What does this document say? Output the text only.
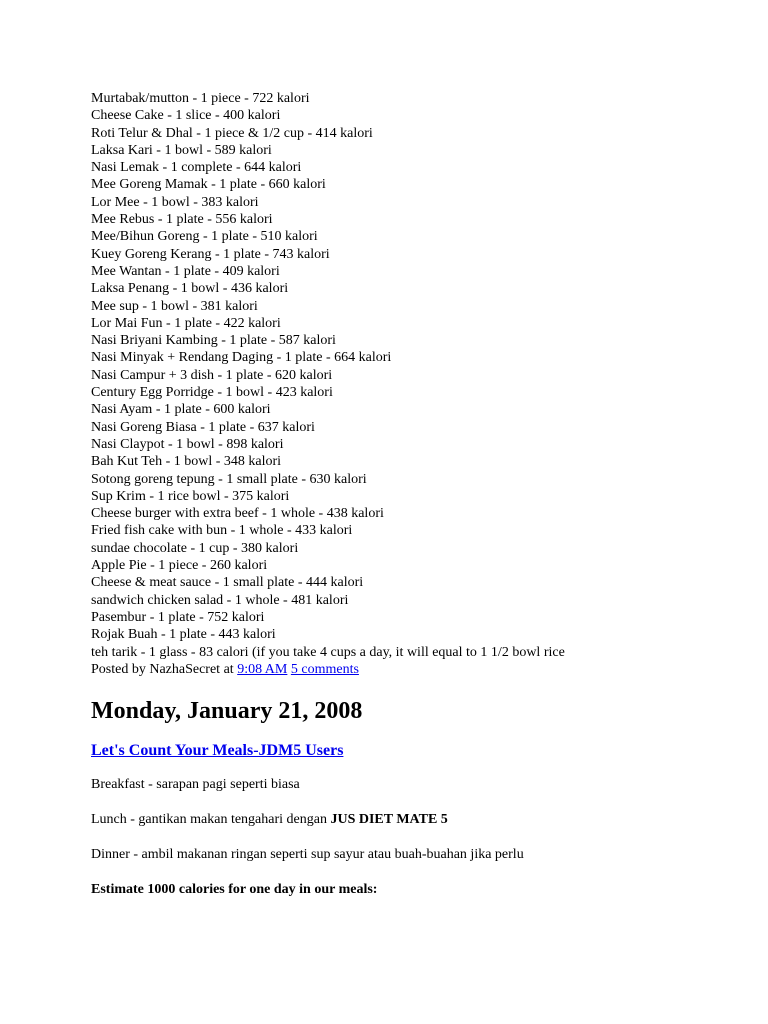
Murtabak/mutton - 1 piece - 722 kalori
Cheese Cake - 1 slice - 400 kalori
Roti Telur & Dhal - 1 piece & 1/2 cup - 414 kalori
Laksa Kari - 1 bowl - 589 kalori
Nasi Lemak - 1 complete - 644 kalori
Mee Goreng Mamak - 1 plate - 660 kalori
Lor Mee - 1 bowl - 383 kalori
Mee Rebus - 1 plate - 556 kalori
Mee/Bihun Goreng - 1 plate - 510 kalori
Kuey Goreng Kerang - 1 plate - 743 kalori
Mee Wantan - 1 plate - 409 kalori
Laksa Penang - 1 bowl - 436 kalori
Mee sup - 1 bowl - 381 kalori
Lor Mai Fun - 1 plate - 422 kalori
Nasi Briyani Kambing - 1 plate - 587 kalori
Nasi Minyak + Rendang Daging - 1 plate - 664 kalori
Nasi Campur + 3 dish - 1 plate - 620 kalori
Century Egg Porridge - 1 bowl - 423 kalori
Nasi Ayam - 1 plate - 600 kalori
Nasi Goreng Biasa - 1 plate - 637 kalori
Nasi Claypot - 1 bowl - 898 kalori
Bah Kut Teh - 1 bowl - 348 kalori
Sotong goreng tepung - 1 small plate - 630 kalori
Sup Krim - 1 rice bowl - 375 kalori
Cheese burger with extra beef - 1 whole - 438 kalori
Fried fish cake with bun - 1 whole - 433 kalori
sundae chocolate - 1 cup - 380 kalori
Apple Pie - 1 piece - 260 kalori
Cheese & meat sauce - 1 small plate - 444 kalori
sandwich chicken salad - 1 whole - 481 kalori
Pasembur - 1 plate - 752 kalori
Rojak Buah - 1 plate - 443 kalori
teh tarik - 1 glass - 83 calori (if you take 4 cups a day, it will equal to 1 1/2 bowl rice
Posted by NazhaSecret at 9:08 AM 5 comments
Monday, January 21, 2008
Let's Count Your Meals-JDM5 Users

Breakfast - sarapan pagi seperti biasa

Lunch - gantikan makan tengahari dengan JUS DIET MATE 5

Dinner - ambil makanan ringan seperti sup sayur atau buah-buahan jika perlu

Estimate 1000 calories for one day in our meals:
